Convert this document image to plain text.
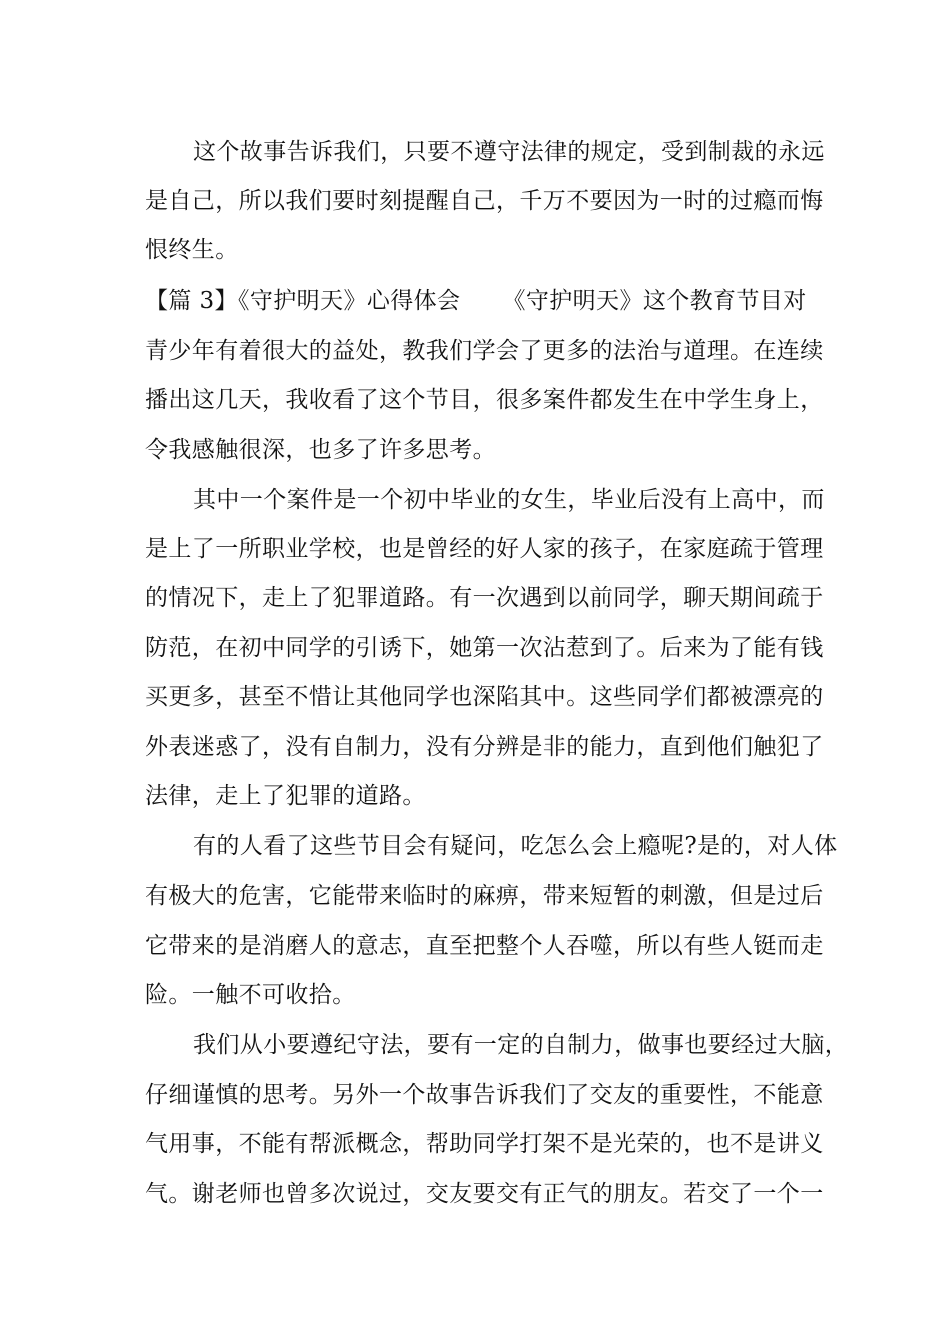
这个故事告诉我们，只要不遵守法律的规定，受到制裁的永远
是自己，所以我们要时刻提醒自己，千万不要因为一时的过瘾而悔
恨终生。
【篇 3】《守护明天》心得体会 《守护明天》这个教育节目对
青少年有着很大的益处，教我们学会了更多的法治与道理。在连续
播出这几天，我收看了这个节目，很多案件都发生在中学生身上，
令我感触很深，也多了许多思考。
其中一个案件是一个初中毕业的女生，毕业后没有上高中，而
是上了一所职业学校，也是曾经的好人家的孩子，在家庭疏于管理
的情况下，走上了犯罪道路。有一次遇到以前同学，聊天期间疏于
防范，在初中同学的引诱下，她第一次沾惹到了。后来为了能有钱
买更多，甚至不惜让其他同学也深陷其中。这些同学们都被漂亮的
外表迷惑了，没有自制力，没有分辨是非的能力，直到他们触犯了
法律，走上了犯罪的道路。
有的人看了这些节目会有疑问，吃怎么会上瘾呢?是的，对人体
有极大的危害，它能带来临时的麻痹，带来短暂的刺激，但是过后
它带来的是消磨人的意志，直至把整个人吞噬，所以有些人铤而走
险。一触不可收拾。
我们从小要遵纪守法，要有一定的自制力，做事也要经过大脑，
仔细谨慎的思考。另外一个故事告诉我们了交友的重要性，不能意
气用事，不能有帮派概念，帮助同学打架不是光荣的，也不是讲义
气。谢老师也曾多次说过，交友要交有正气的朋友。若交了一个一
